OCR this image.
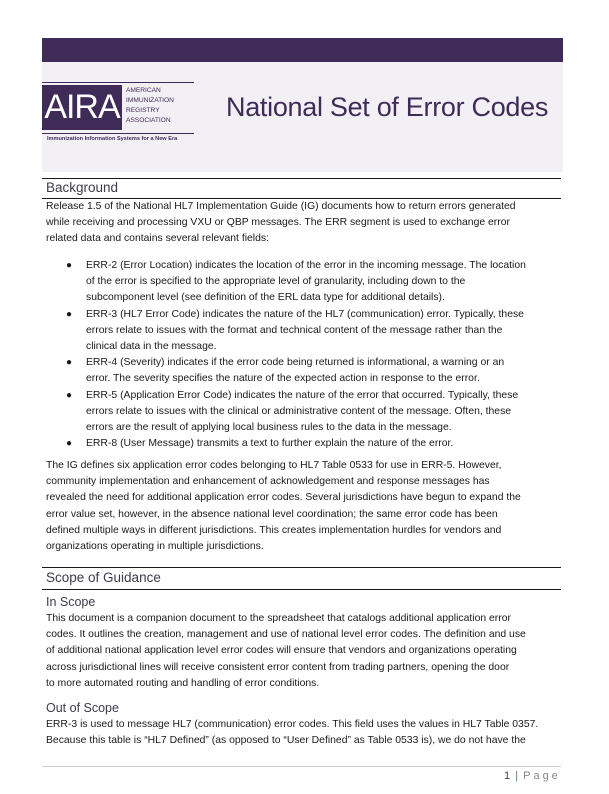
AIRA AMERICAN
IMMUNIZATION
REGISTRY
ASSOCIATION
Immunization Information Systems for a New Era
National Set of Error Codes
Background
Release 1.5 of the National HL7 Implementation Guide (IG) documents how to return errors generated
while receiving and processing VXU or QBP messages. The ERR segment is used to exchange error
related data and contains several relevant fields:
● ERR-2 (Error Location) indicates the location of the error in the incoming message. The location
of the error is specified to the appropriate level of granularity, including down to the
subcomponent level (see definition of the ERL data type for additional details).
● ERR-3 (HL7 Error Code) indicates the nature of the HL7 (communication) error. Typically, these
errors relate to issues with the format and technical content of the message rather than the
clinical data in the message.
● ERR-4 (Severity) indicates if the error code being returned is informational, a warning or an
error. The severity specifies the nature of the expected action in response to the error.
● ERR-5 (Application Error Code) indicates the nature of the error that occurred. Typically, these
errors relate to issues with the clinical or administrative content of the message. Often, these
errors are the result of applying local business rules to the data in the message.
● ERR-8 (User Message) transmits a text to further explain the nature of the error.
The IG defines six application error codes belonging to HL7 Table 0533 for use in ERR-5. However,
community implementation and enhancement of acknowledgement and response messages has
revealed the need for additional application error codes. Several jurisdictions have begun to expand the
error value set, however, in the absence national level coordination; the same error code has been
defined multiple ways in different jurisdictions. This creates implementation hurdles for vendors and
organizations operating in multiple jurisdictions.
Scope of Guidance
In Scope
This document is a companion document to the spreadsheet that catalogs additional application error
codes. It outlines the creation, management and use of national level error codes. The definition and use
of additional national application level error codes will ensure that vendors and organizations operating
across jurisdictional lines will receive consistent error content from trading partners, opening the door
to more automated routing and handling of error conditions.
Out of Scope
ERR-3 is used to message HL7 (communication) error codes. This field uses the values in HL7 Table 0357.
Because this table is “HL7 Defined” (as opposed to “User Defined” as Table 0533 is), we do not have the
1 | Page
